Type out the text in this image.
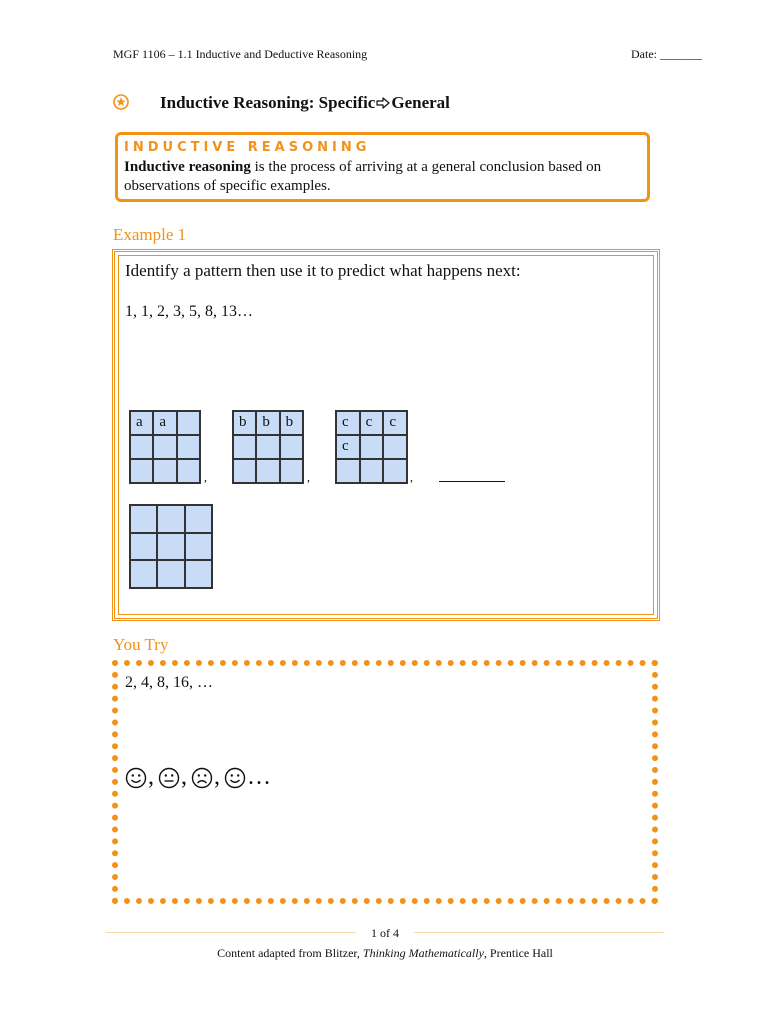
MGF 1106 – 1.1 Inductive and Deductive Reasoning	Date: _______
Inductive Reasoning: Specific General
INDUCTIVE REASONING
Inductive reasoning is the process of arriving at a general conclusion based on observations of specific examples.
Example 1
Identify a pattern then use it to predict what happens next:
1, 1, 2, 3, 5, 8, 13…
a	a
,
b	b	b
,
c	c	c
c
,
You Try
2, 4, 8, 16, …
, , , …
1 of 4
Content adapted from Blitzer, Thinking Mathematically, Prentice Hall
